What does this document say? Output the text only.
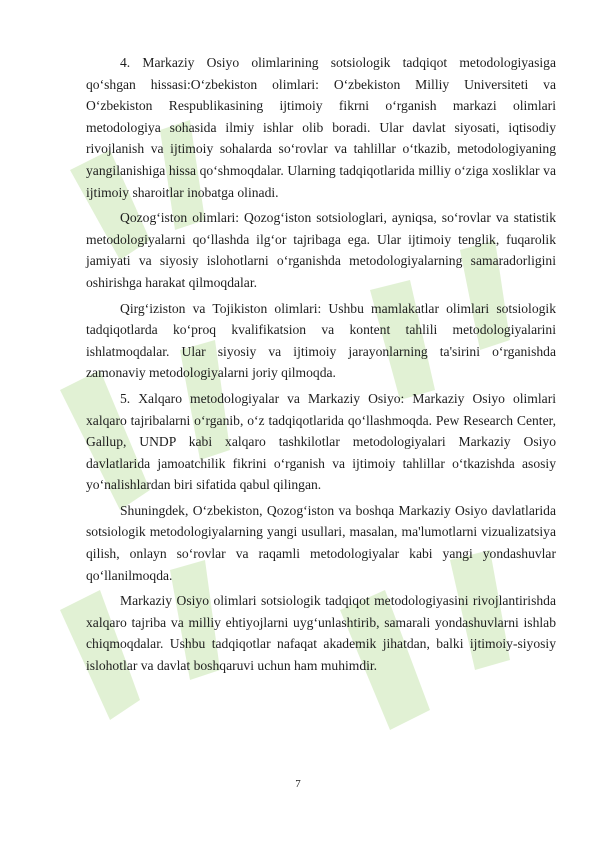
4. Markaziy Osiyo olimlarining sotsiologik tadqiqot metodologiyasiga qo‘shgan hissasi:O‘zbekiston olimlari: O‘zbekiston Milliy Universiteti va O‘zbekiston Respublikasining ijtimoiy fikrni o‘rganish markazi olimlari metodologiya sohasida ilmiy ishlar olib boradi. Ular davlat siyosati, iqtisodiy rivojlanish va ijtimoiy sohalarda so‘rovlar va tahlillar o‘tkazib, metodologiyaning yangilanishiga hissa qo‘shmoqdalar. Ularning tadqiqotlarida milliy o‘ziga xosliklar va ijtimoiy sharoitlar inobatga olinadi.

Qozog‘iston olimlari: Qozog‘iston sotsiologlari, ayniqsa, so‘rovlar va statistik metodologiyalarni qo‘llashda ilg‘or tajribaga ega. Ular ijtimoiy tenglik, fuqarolik jamiyati va siyosiy islohotlarni o‘rganishda metodologiyalarning samaradorligini oshirishga harakat qilmoqdalar.

Qirg‘iziston va Tojikiston olimlari: Ushbu mamlakatlar olimlari sotsiologik tadqiqotlarda ko‘proq kvalifikatsion va kontent tahlili metodologiyalarini ishlatmoqdalar. Ular siyosiy va ijtimoiy jarayonlarning ta'sirini o‘rganishda zamonaviy metodologiyalarni joriy qilmoqda.

5. Xalqaro metodologiyalar va Markaziy Osiyo: Markaziy Osiyo olimlari xalqaro tajribalarni o‘rganib, o‘z tadqiqotlarida qo‘llashmoqda. Pew Research Center, Gallup, UNDP kabi xalqaro tashkilotlar metodologiyalari Markaziy Osiyo davlatlarida jamoatchilik fikrini o‘rganish va ijtimoiy tahlillar o‘tkazishda asosiy yo‘nalishlardan biri sifatida qabul qilingan.

Shuningdek, O‘zbekiston, Qozog‘iston va boshqa Markaziy Osiyo davlatlarida sotsiologik metodologiyalarning yangi usullari, masalan, ma'lumotlarni vizualizatsiya qilish, onlayn so‘rovlar va raqamli metodologiyalar kabi yangi yondashuvlar qo‘llanilmoqda.

Markaziy Osiyo olimlari sotsiologik tadqiqot metodologiyasini rivojlantirishda xalqaro tajriba va milliy ehtiyojlarni uyg‘unlashtirib, samarali yondashuvlarni ishlab chiqmoqdalar. Ushbu tadqiqotlar nafaqat akademik jihatdan, balki ijtimoiy-siyosiy islohotlar va davlat boshqaruvi uchun ham muhimdir.

7
